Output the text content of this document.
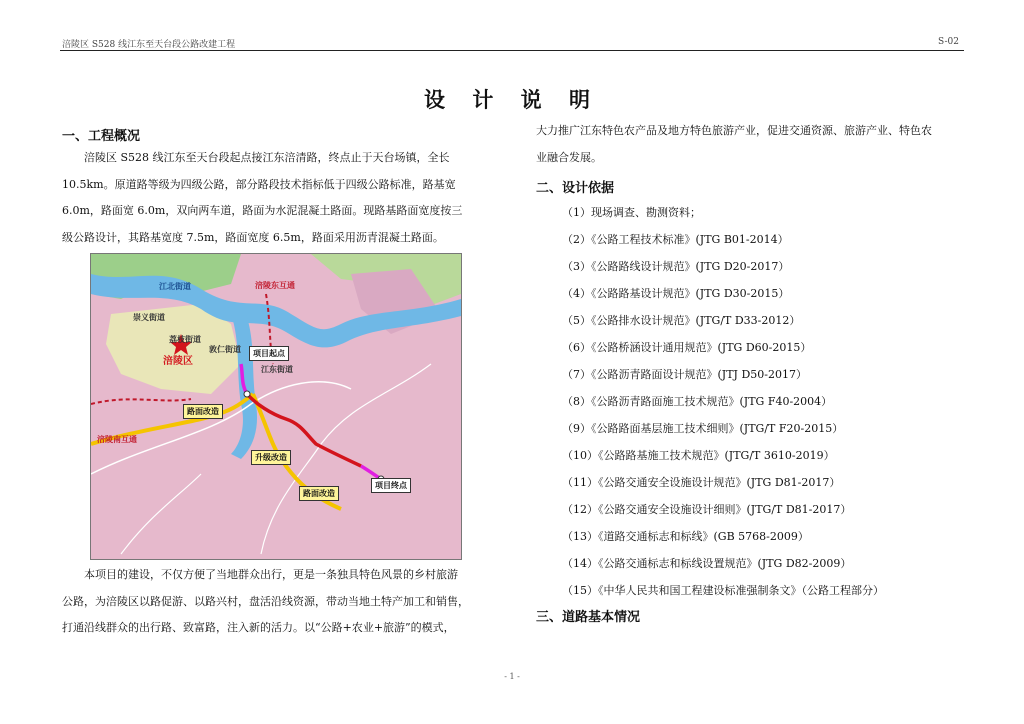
涪陵区 S528 线江东至天台段公路改建工程	S-02
设 计 说 明
一、工程概况
涪陵区 S528 线江东至天台段起点接江东涪清路，终点止于天台场镇，全长
10.5km。原道路等级为四级公路，部分路段技术指标低于四级公路标准，路基宽
6.0m，路面宽 6.0m，双向两车道，路面为水泥混凝土路面。现路基路面宽度按三
级公路设计，其路基宽度 7.5m，路面宽度 6.5m，路面采用沥青混凝土路面。
江北街道
崇义街道
荔枝街道
涪陵区
敦仁街道
江东街道
涪陵东互通
涪陵南互通
项目起点
项目终点
路面改造
升级改造
路面改造
本项目的建设，不仅方便了当地群众出行，更是一条独具特色风景的乡村旅游
公路，为涪陵区以路促游、以路兴村，盘活沿线资源，带动当地土特产加工和销售，
打通沿线群众的出行路、致富路，注入新的活力。以“公路+农业+旅游”的模式，
大力推广江东特色农产品及地方特色旅游产业，促进交通资源、旅游产业、特色农
业融合发展。
二、设计依据
（1）现场调查、勘测资料；
（2）《公路工程技术标准》(JTG B01-2014）
（3）《公路路线设计规范》(JTG D20-2017）
（4）《公路路基设计规范》(JTG D30-2015）
（5）《公路排水设计规范》(JTG/T D33-2012）
（6）《公路桥涵设计通用规范》(JTG D60-2015）
（7）《公路沥青路面设计规范》(JTJ D50-2017）
（8）《公路沥青路面施工技术规范》(JTG F40-2004）
（9）《公路路面基层施工技术细则》(JTG/T F20-2015）
（10）《公路路基施工技术规范》(JTG/T 3610-2019）
（11）《公路交通安全设施设计规范》(JTG D81-2017）
（12）《公路交通安全设施设计细则》(JTG/T D81-2017）
（13）《道路交通标志和标线》(GB 5768-2009）
（14）《公路交通标志和标线设置规范》(JTG D82-2009）
（15）《中华人民共和国工程建设标准强制条文》（公路工程部分）
三、道路基本情况
- 1 -
